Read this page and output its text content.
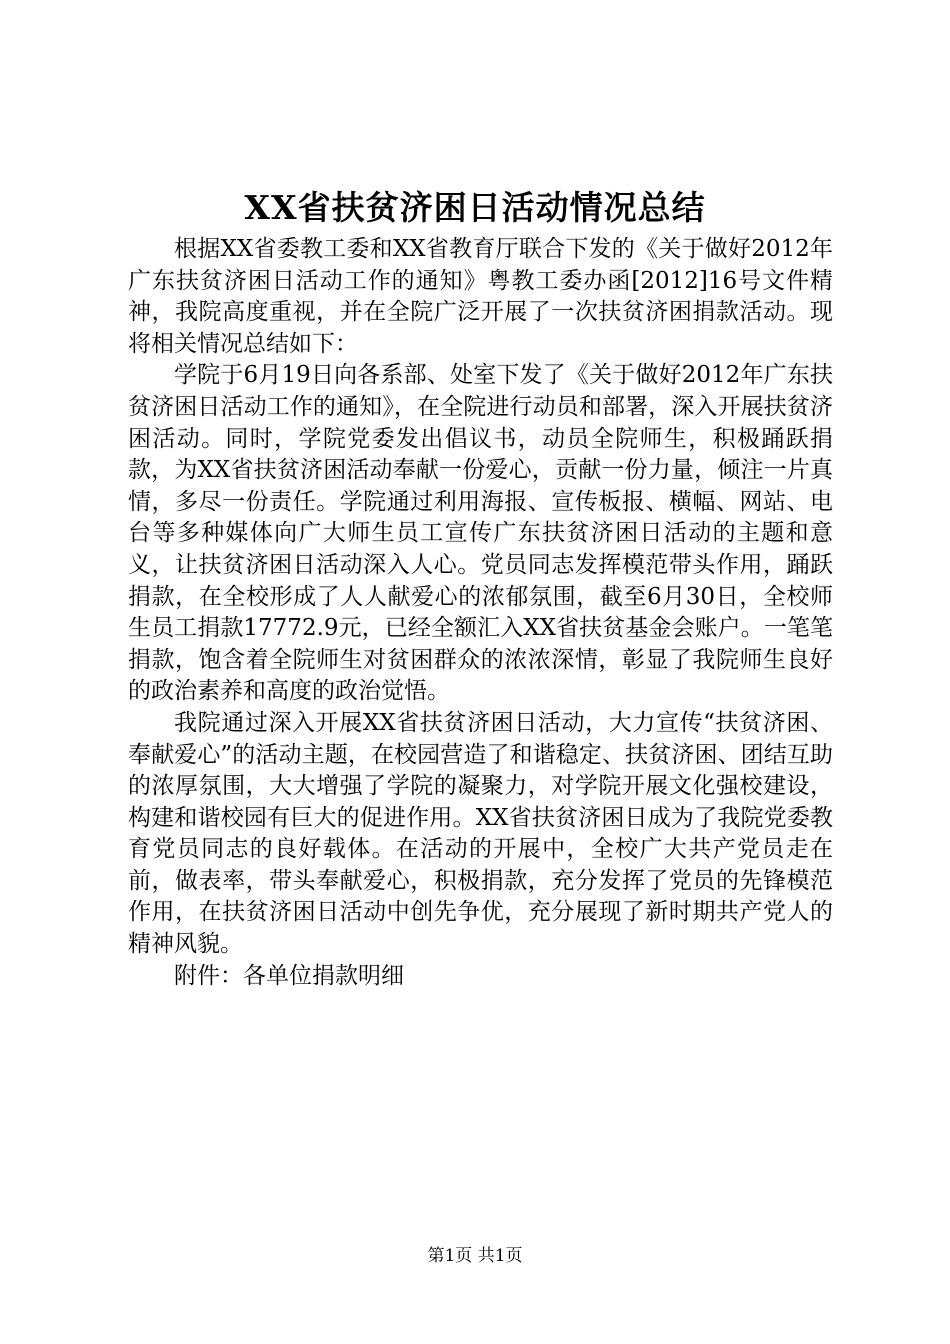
XX省扶贫济困日活动情况总结

根据XX省委教工委和XX省教育厅联合下发的《关于做好2012年广东扶贫济困日活动工作的通知》粤教工委办函[2012]16号文件精神，我院高度重视，并在全院广泛开展了一次扶贫济困捐款活动。现将相关情况总结如下：

学院于6月19日向各系部、处室下发了《关于做好2012年广东扶贫济困日活动工作的通知》，在全院进行动员和部署，深入开展扶贫济困活动。同时，学院党委发出倡议书，动员全院师生，积极踊跃捐款，为XX省扶贫济困活动奉献一份爱心，贡献一份力量，倾注一片真情，多尽一份责任。学院通过利用海报、宣传板报、横幅、网站、电台等多种媒体向广大师生员工宣传广东扶贫济困日活动的主题和意义，让扶贫济困日活动深入人心。党员同志发挥模范带头作用，踊跃捐款，在全校形成了人人献爱心的浓郁氛围，截至6月30日，全校师生员工捐款17772.9元，已经全额汇入XX省扶贫基金会账户。一笔笔捐款，饱含着全院师生对贫困群众的浓浓深情，彰显了我院师生良好的政治素养和高度的政治觉悟。

我院通过深入开展XX省扶贫济困日活动，大力宣传“扶贫济困、奉献爱心”的活动主题，在校园营造了和谐稳定、扶贫济困、团结互助的浓厚氛围，大大增强了学院的凝聚力，对学院开展文化强校建设，构建和谐校园有巨大的促进作用。XX省扶贫济困日成为了我院党委教育党员同志的良好载体。在活动的开展中，全校广大共产党员走在前，做表率，带头奉献爱心，积极捐款，充分发挥了党员的先锋模范作用，在扶贫济困日活动中创先争优，充分展现了新时期共产党人的精神风貌。

附件：各单位捐款明细

第1页 共1页
